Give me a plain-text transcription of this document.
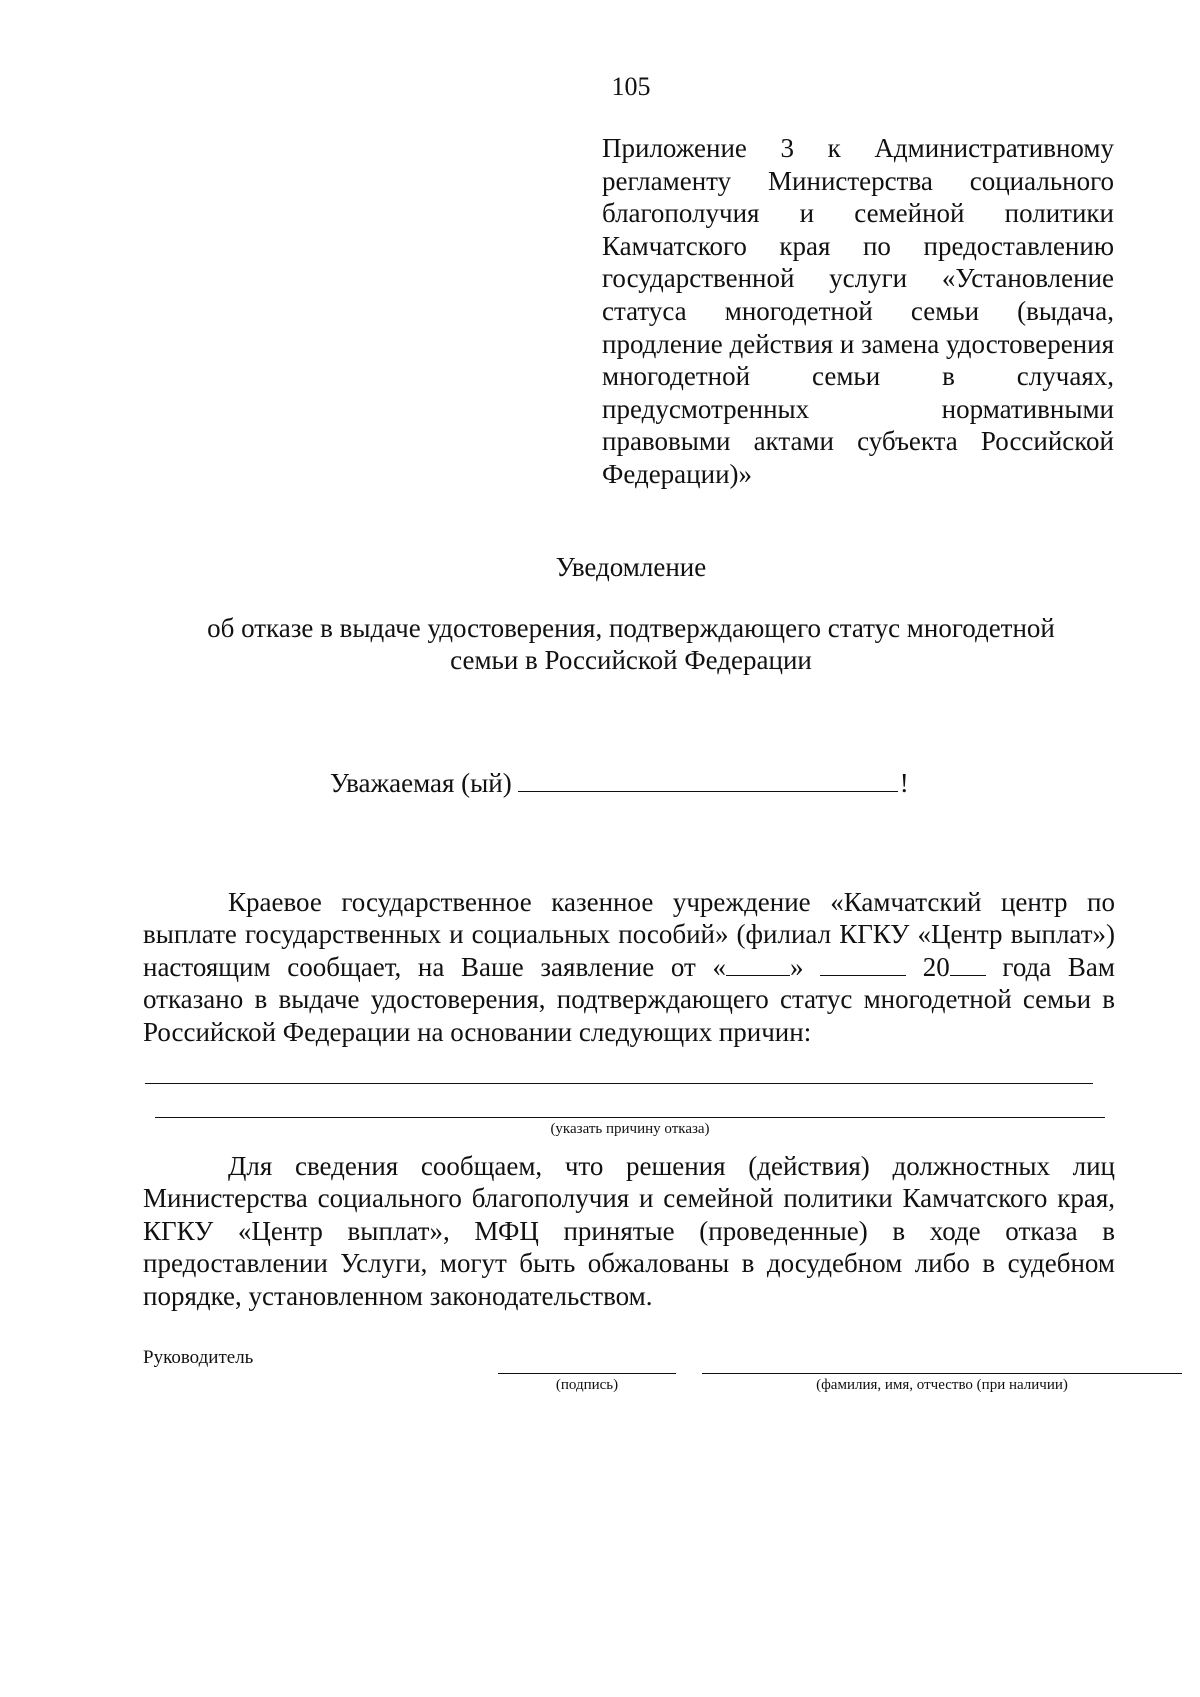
105
Приложение 3 к Административному регламенту Министерства социального благополучия и семейной политики Камчатского края по предоставлению государственной услуги «Установление статуса многодетной семьи (выдача, продление действия и замена удостоверения многодетной семьи в случаях, предусмотренных нормативными правовыми актами субъекта Российской Федерации)»
Уведомление
об отказе в выдаче удостоверения, подтверждающего статус многодетной семьи в Российской Федерации
Уважаемая (ый)	!
Краевое государственное казенное учреждение «Камчатский центр по выплате государственных и социальных пособий» (филиал КГКУ «Центр выплат») настоящим сообщает, на Ваше заявление от « »	20 года Вам отказано в выдаче удостоверения, подтверждающего статус многодетной семьи в Российской Федерации на основании следующих причин:
(указать причину отказа)
Для сведения сообщаем, что решения (действия) должностных лиц Министерства социального благополучия и семейной политики Камчатского края, КГКУ «Центр выплат», МФЦ принятые (проведенные) в ходе отказа в предоставлении Услуги, могут быть обжалованы в досудебном либо в судебном порядке, установленном законодательством.
Руководитель
(подпись)	(фамилия, имя, отчество (при наличии)
